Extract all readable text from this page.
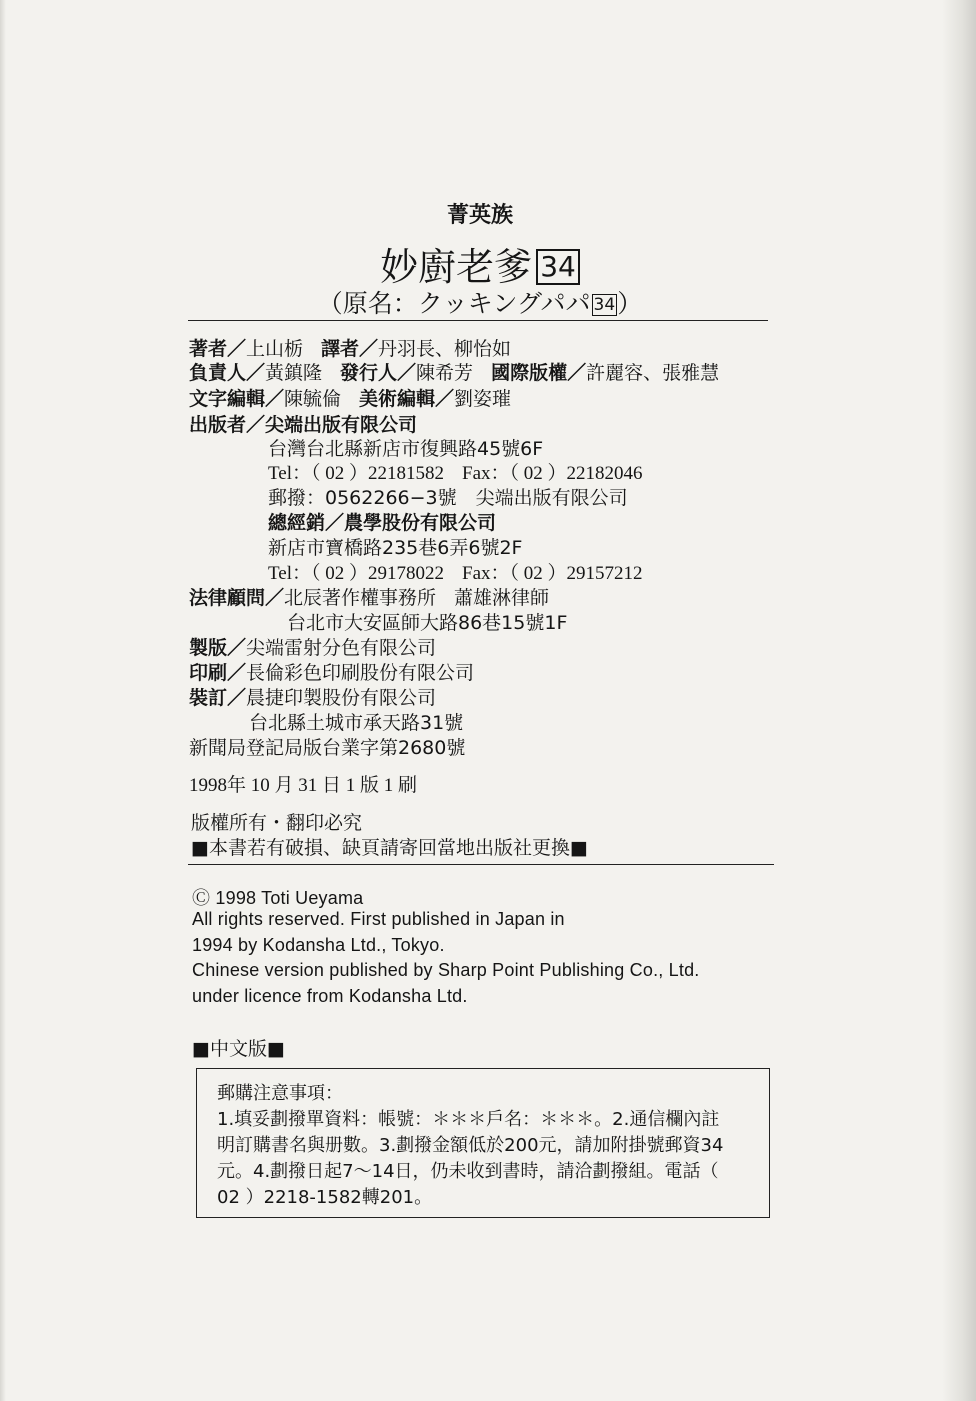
菁英族
妙廚老爹 34
（原名：クッキングパパ 34）
著者／上山栃 譯者／丹羽長、柳怡如
負責人／黃鎮隆 發行人／陳希芳 國際版權／許麗容、張雅慧
文字編輯／陳毓倫 美術編輯／劉姿璀
出版者／尖端出版有限公司
台灣台北縣新店市復興路45號6F
Tel：（ 02 ）22181582 Fax：（ 02 ）22182046
郵撥：0562266−3號　尖端出版有限公司
總經銷／農學股份有限公司
新店市寶橋路235巷6弄6號2F
Tel：（ 02 ）29178022 Fax：（ 02 ）29157212
法律顧問／北辰著作權事務所 蕭雄淋律師
台北市大安區師大路86巷15號1F
製版／尖端雷射分色有限公司
印刷／長倫彩色印刷股份有限公司
裝訂／晨捷印製股份有限公司
台北縣土城市承天路31號
新聞局登記局版台業字第2680號
1998年 10 月 31 日 1 版 1 刷
版權所有・翻印必究
■本書若有破損、缺頁請寄回當地出版社更換■
Ⓒ 1998 Toti Ueyama
All rights reserved. First published in Japan in
1994 by Kodansha Ltd., Tokyo.
Chinese version published by Sharp Point Publishing Co., Ltd.
under licence from Kodansha Ltd.
■中文版■
郵購注意事項：
1.填妥劃撥單資料：帳號：＊＊＊戶名：＊＊＊。2.通信欄內註
明訂購書名與册數。3.劃撥金額低於200元，請加附掛號郵資34
元。4.劃撥日起7～14日，仍未收到書時，請洽劃撥組。電話（
02 ）2218-1582轉201。
